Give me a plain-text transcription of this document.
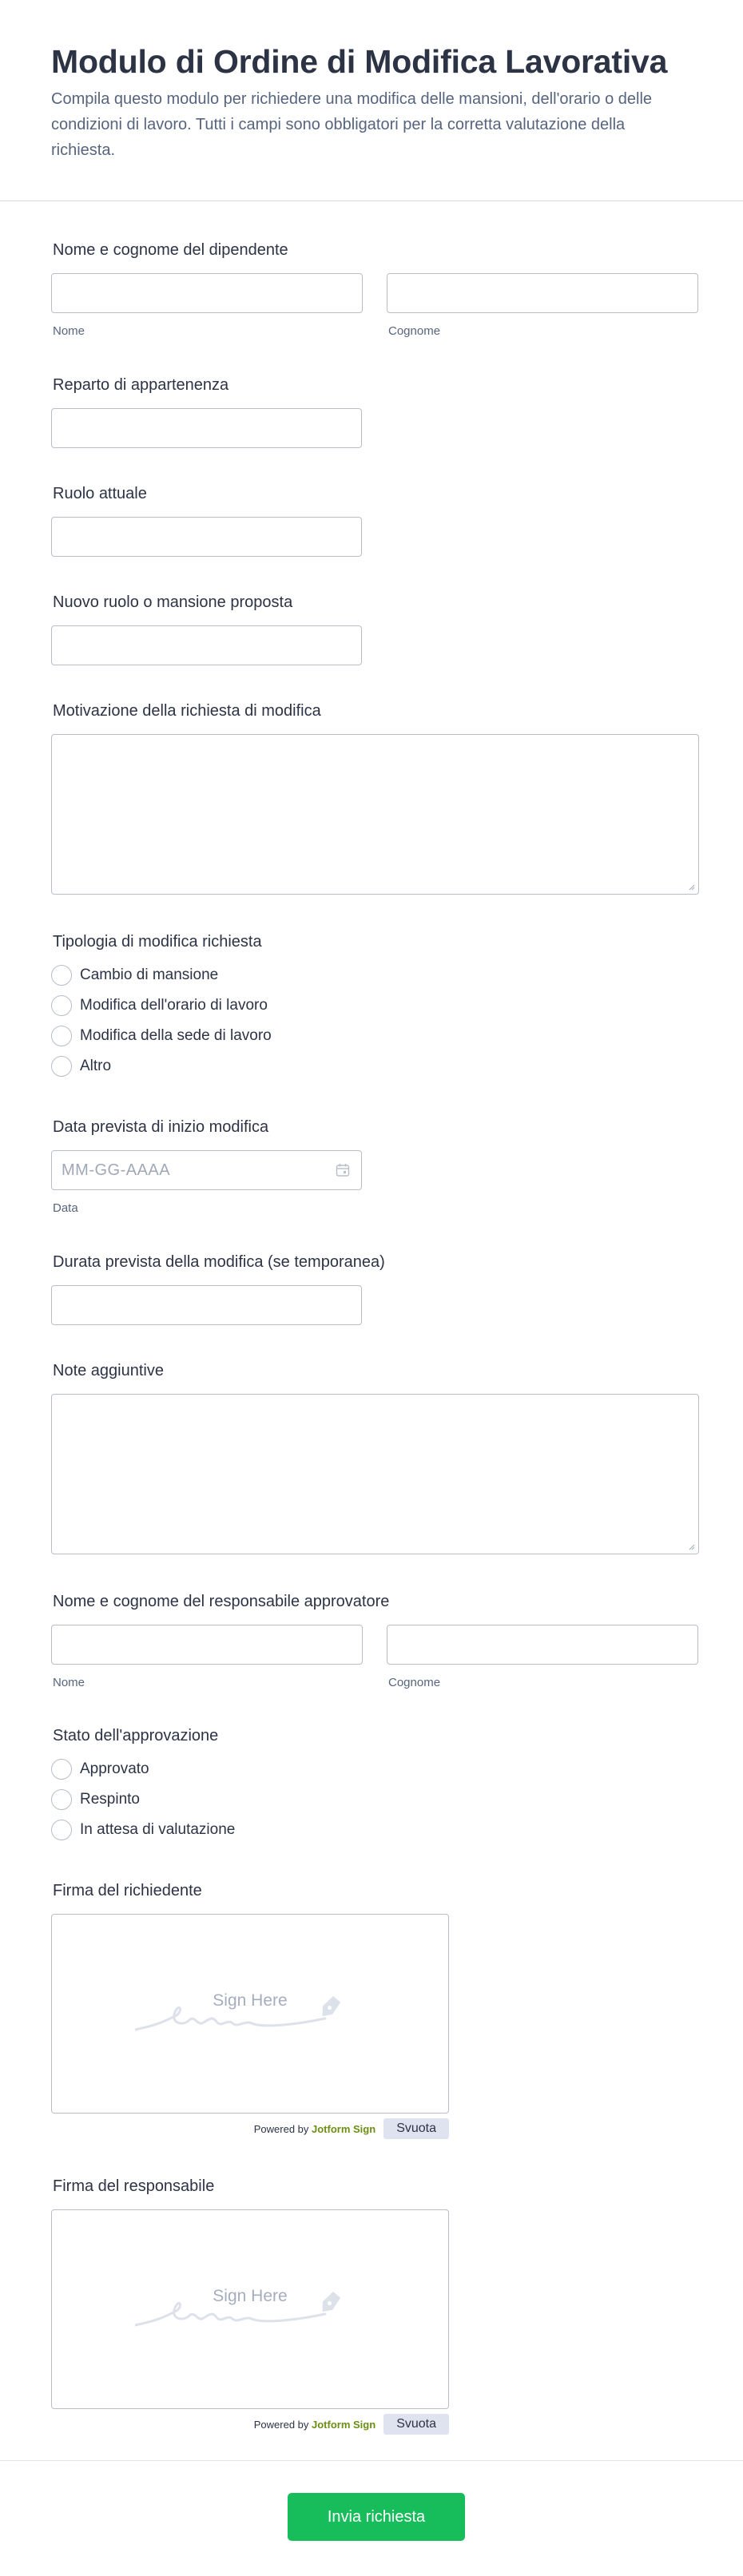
Modulo di Ordine di Modifica Lavorativa

Compila questo modulo per richiedere una modifica delle mansioni, dell'orario o delle condizioni di lavoro. Tutti i campi sono obbligatori per la corretta valutazione della richiesta.

Nome e cognome del dipendente
Nome	Cognome
Reparto di appartenenza
Ruolo attuale
Nuovo ruolo o mansione proposta
Motivazione della richiesta di modifica
Tipologia di modifica richiesta
Cambio di mansione
Modifica dell'orario di lavoro
Modifica della sede di lavoro
Altro
Data prevista di inizio modifica
MM-GG-AAAA
Data
Durata prevista della modifica (se temporanea)
Note aggiuntive
Nome e cognome del responsabile approvatore
Nome	Cognome
Stato dell'approvazione
Approvato
Respinto
In attesa di valutazione
Firma del richiedente
Sign Here
Powered by Jotform Sign	Svuota
Firma del responsabile
Sign Here
Powered by Jotform Sign	Svuota
Invia richiesta
